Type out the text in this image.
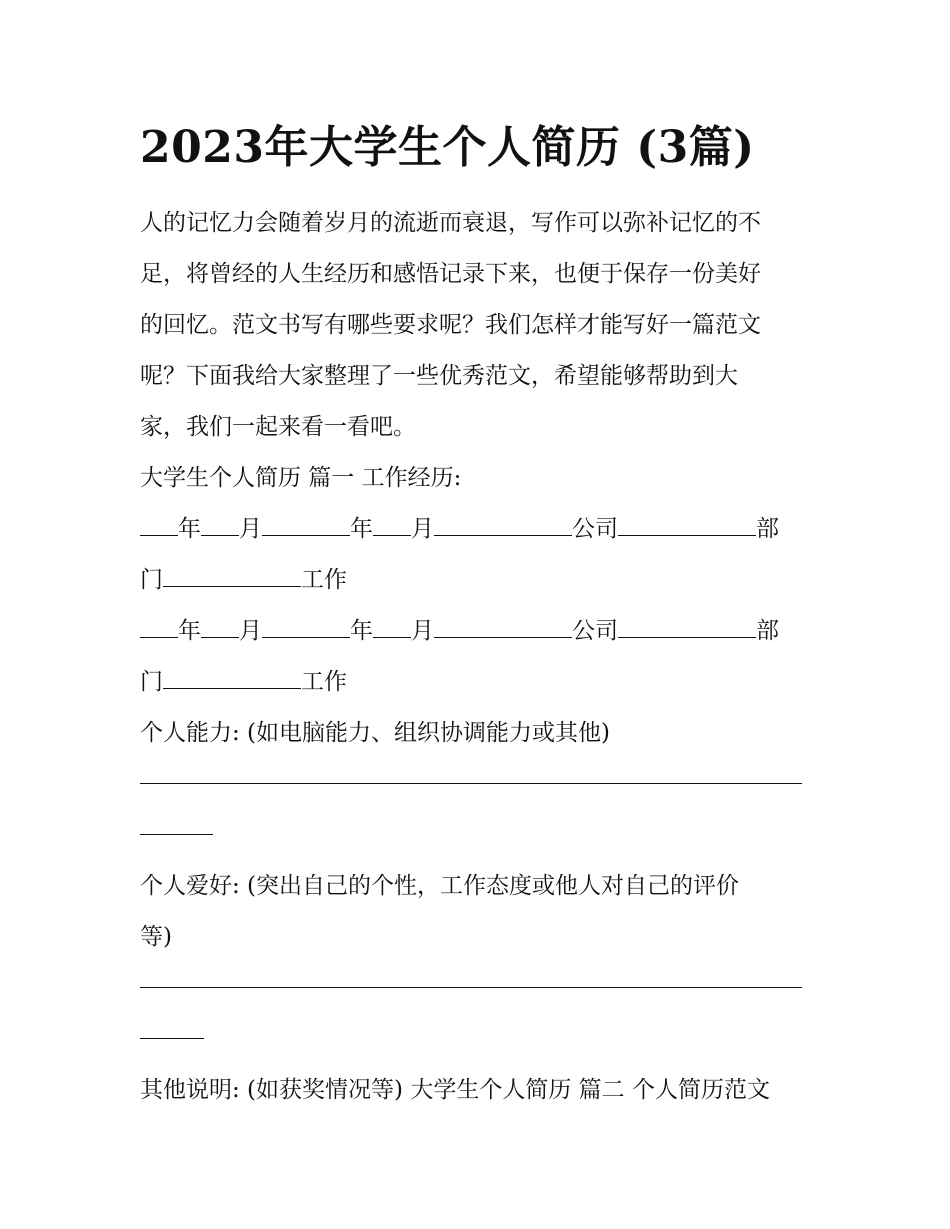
2023年大学生个人简历 (3篇)
人的记忆力会随着岁月的流逝而衰退，写作可以弥补记忆的不
足，将曾经的人生经历和感悟记录下来，也便于保存一份美好
的回忆。范文书写有哪些要求呢？我们怎样才能写好一篇范文
呢？下面我给大家整理了一些优秀范文，希望能够帮助到大
家，我们一起来看一看吧。
大学生个人简历 篇一 工作经历:
年 月	年 月	公司	部
门	工作
年 月	年 月	公司	部
门	工作
个人能力: (如电脑能力、组织协调能力或其他)
个人爱好: (突出自己的个性，工作态度或他人对自己的评价
等)
其他说明: (如获奖情况等) 大学生个人简历 篇二 个人简历范文
